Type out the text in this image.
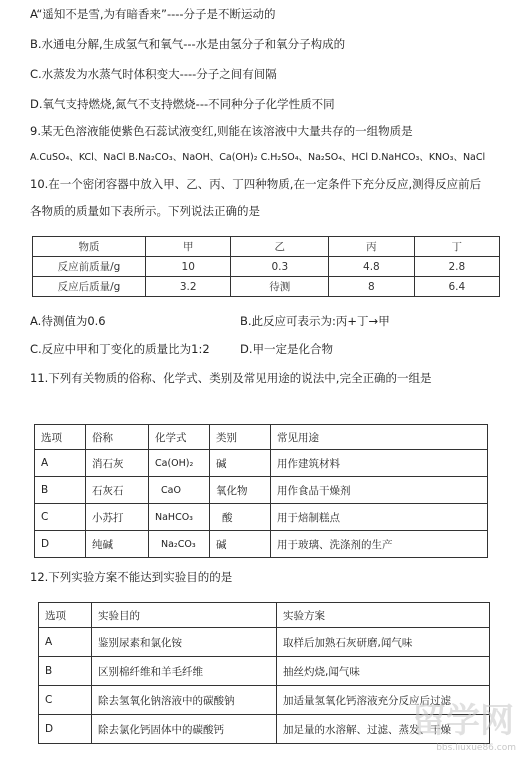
A“遥知不是雪,为有暗香来”----分子是不断运动的
B.水通电分解,生成氢气和氧气---水是由氢分子和氧分子构成的
C.水蒸发为水蒸气时体积变大----分子之间有间隔
D.氧气支持燃烧,氮气不支持燃烧---不同种分子化学性质不同
9.某无色溶液能使紫色石蕊试液变红,则能在该溶液中大量共存的一组物质是
A.CuSO₄、KCl、NaCl B.Na₂CO₃、NaOH、Ca(OH)₂ C.H₂SO₄、Na₂SO₄、HCl D.NaHCO₃、KNO₃、NaCl
10.在一个密闭容器中放入甲、乙、丙、丁四种物质,在一定条件下充分反应,测得反应前后
各物质的质量如下表所示。下列说法正确的是
物质	甲	乙	丙	丁
反应前质量/g	10	0.3	4.8	2.8
反应后质量/g	3.2	待测	8	6.4
A.待测值为0.6	B.此反应可表示为:丙+丁→甲
C.反应中甲和丁变化的质量比为1:2	D.甲一定是化合物
11.下列有关物质的俗称、化学式、类别及常见用途的说法中,完全正确的一组是
选项	俗称	化学式	类别	常见用途
A	消石灰	Ca(OH)₂	碱	用作建筑材料
B	石灰石	CaO	氧化物	用作食品干燥剂
C	小苏打	NaHCO₃	酸	用于焙制糕点
D	纯碱	Na₂CO₃	碱	用于玻璃、洗涤剂的生产
12.下列实验方案不能达到实验目的的是
选项	实验目的	实验方案
A	鉴别尿素和氯化铵	取样后加熟石灰研磨,闻气味
B	区别棉纤维和羊毛纤维	抽丝灼烧,闻气味
C	除去氢氧化钠溶液中的碳酸钠	加适量氢氧化钙溶液充分反应后过滤
D	除去氯化钙固体中的碳酸钙	加足量的水溶解、过滤、蒸发、干燥
留学网
bbs.liuxue86.com
